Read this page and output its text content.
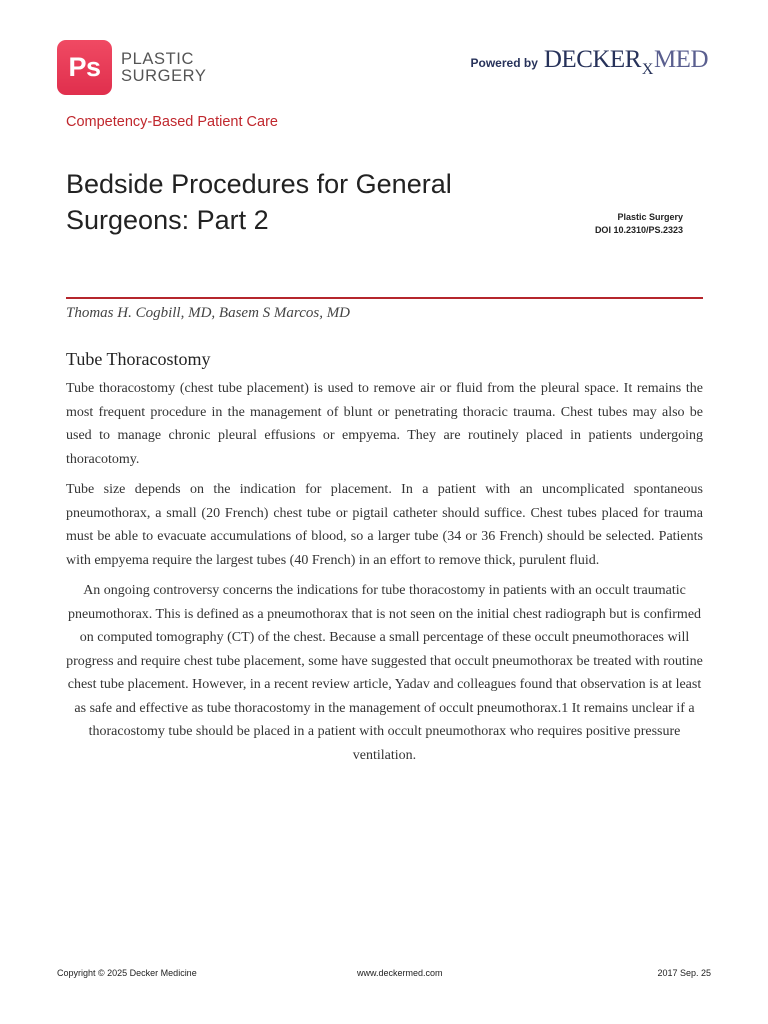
Ps	PLASTIC
SURGERY
Powered by $DECKER_XMED$
Competency-Based Patient Care
Bedside Procedures for General Surgeons: Part 2	Plastic Surgery
DOI 10.2310/PS.2323
Thomas H. Cogbill, MD, Basem S Marcos, MD
Tube Thoracostomy

Tube thoracostomy (chest tube placement) is used to remove air or fluid from the pleural space. It remains the most frequent procedure in the management of blunt or penetrating thoracic trauma. Chest tubes may also be used to manage chronic pleural effusions or empyema. They are routinely placed in patients undergoing thoracotomy.

Tube size depends on the indication for placement. In a patient with an uncomplicated spontaneous pneumothorax, a small (20 French) chest tube or pigtail catheter should suffice. Chest tubes placed for trauma must be able to evacuate accumulations of blood, so a larger tube (34 or 36 French) should be selected. Patients with empyema require the largest tubes (40 French) in an effort to remove thick, purulent fluid.

An ongoing controversy concerns the indications for tube thoracostomy in patients with an occult traumatic pneumothorax. This is defined as a pneumothorax that is not seen on the initial chest radiograph but is confirmed on computed tomography (CT) of the chest. Because a small percentage of these occult pneumothoraces will progress and require chest tube placement, some have suggested that occult pneumothorax be treated with routine chest tube placement. However, in a recent review article, Yadav and colleagues found that observation is at least as safe and effective as tube thoracostomy in the management of occult pneumothorax.1 It remains unclear if a thoracostomy tube should be placed in a patient with occult pneumothorax who requires positive pressure ventilation.

Copyright © 2025 Decker Medicine	www.deckermed.com	2017 Sep. 25
